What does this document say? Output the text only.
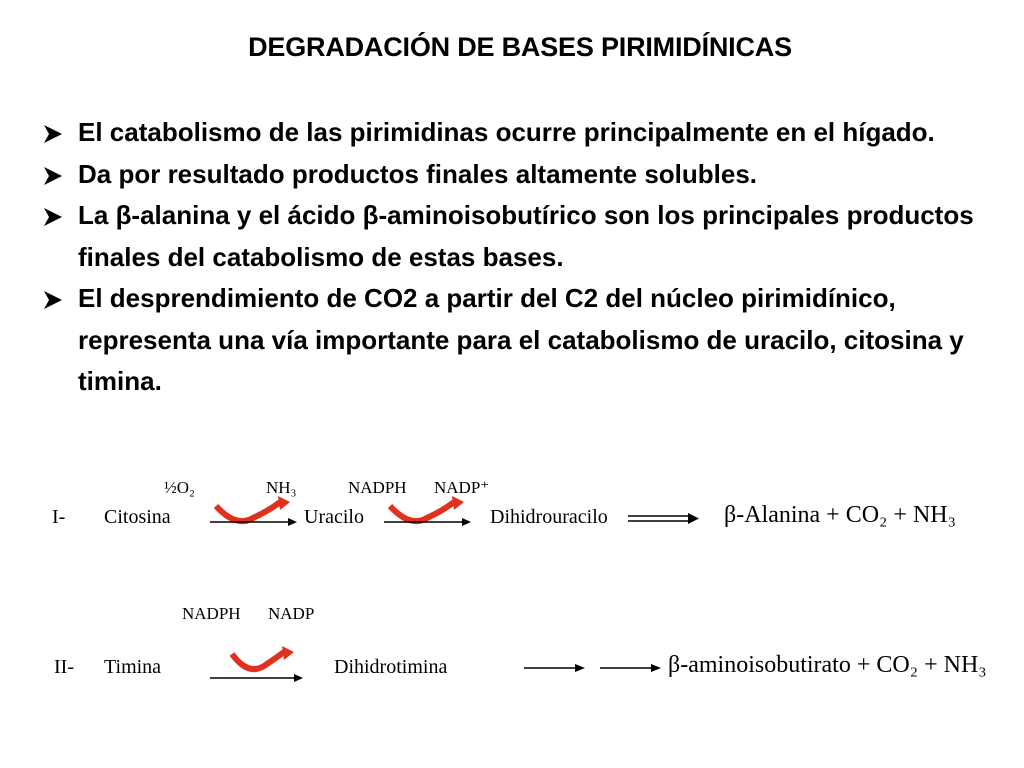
DEGRADACIÓN DE BASES PIRIMIDÍNICAS
El catabolismo de las pirimidinas ocurre principalmente en el hígado.
Da por resultado productos finales altamente solubles.
La β-alanina y el ácido β-aminoisobutírico son los principales productos finales del catabolismo de estas bases.
El desprendimiento de CO2 a partir del C2 del núcleo pirimidínico, representa una vía importante para el catabolismo de uracilo, citosina y timina.
I- Citosina
½O₂	NH₃
Uracilo
NADPH NADP⁺
Dihidrouracilo	β-Alanina + CO₂ + NH₃
II- Timina
NADPH NADP
Dihidrotimina	β-aminoisobutirato + CO₂ + NH₃
